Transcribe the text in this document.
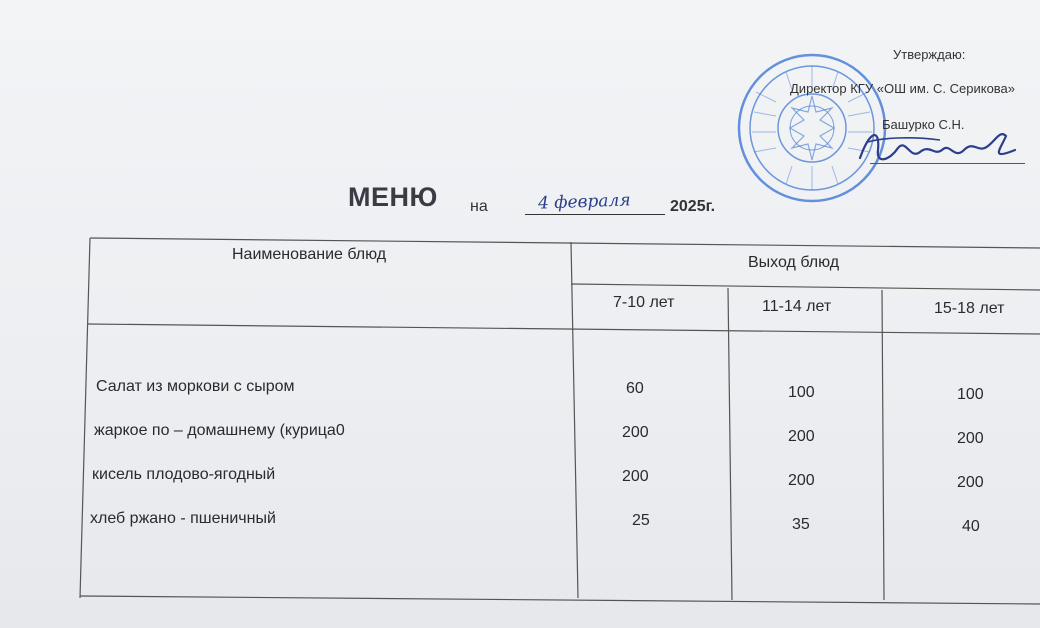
Утверждаю:
Директор КГУ «ОШ им. С. Серикова»
Башурко С.Н.
МЕНЮ на	4 февраля 2025г.
Наименование блюд	Выход блюд
7-10 лет	11-14 лет	15-18 лет
Салат из моркови с сыром	60	100	100
жаркое по – домашнему (курица0	200	200	200
кисель плодово-ягодный	200	200	200
хлеб ржано - пшеничный	25	35	40
